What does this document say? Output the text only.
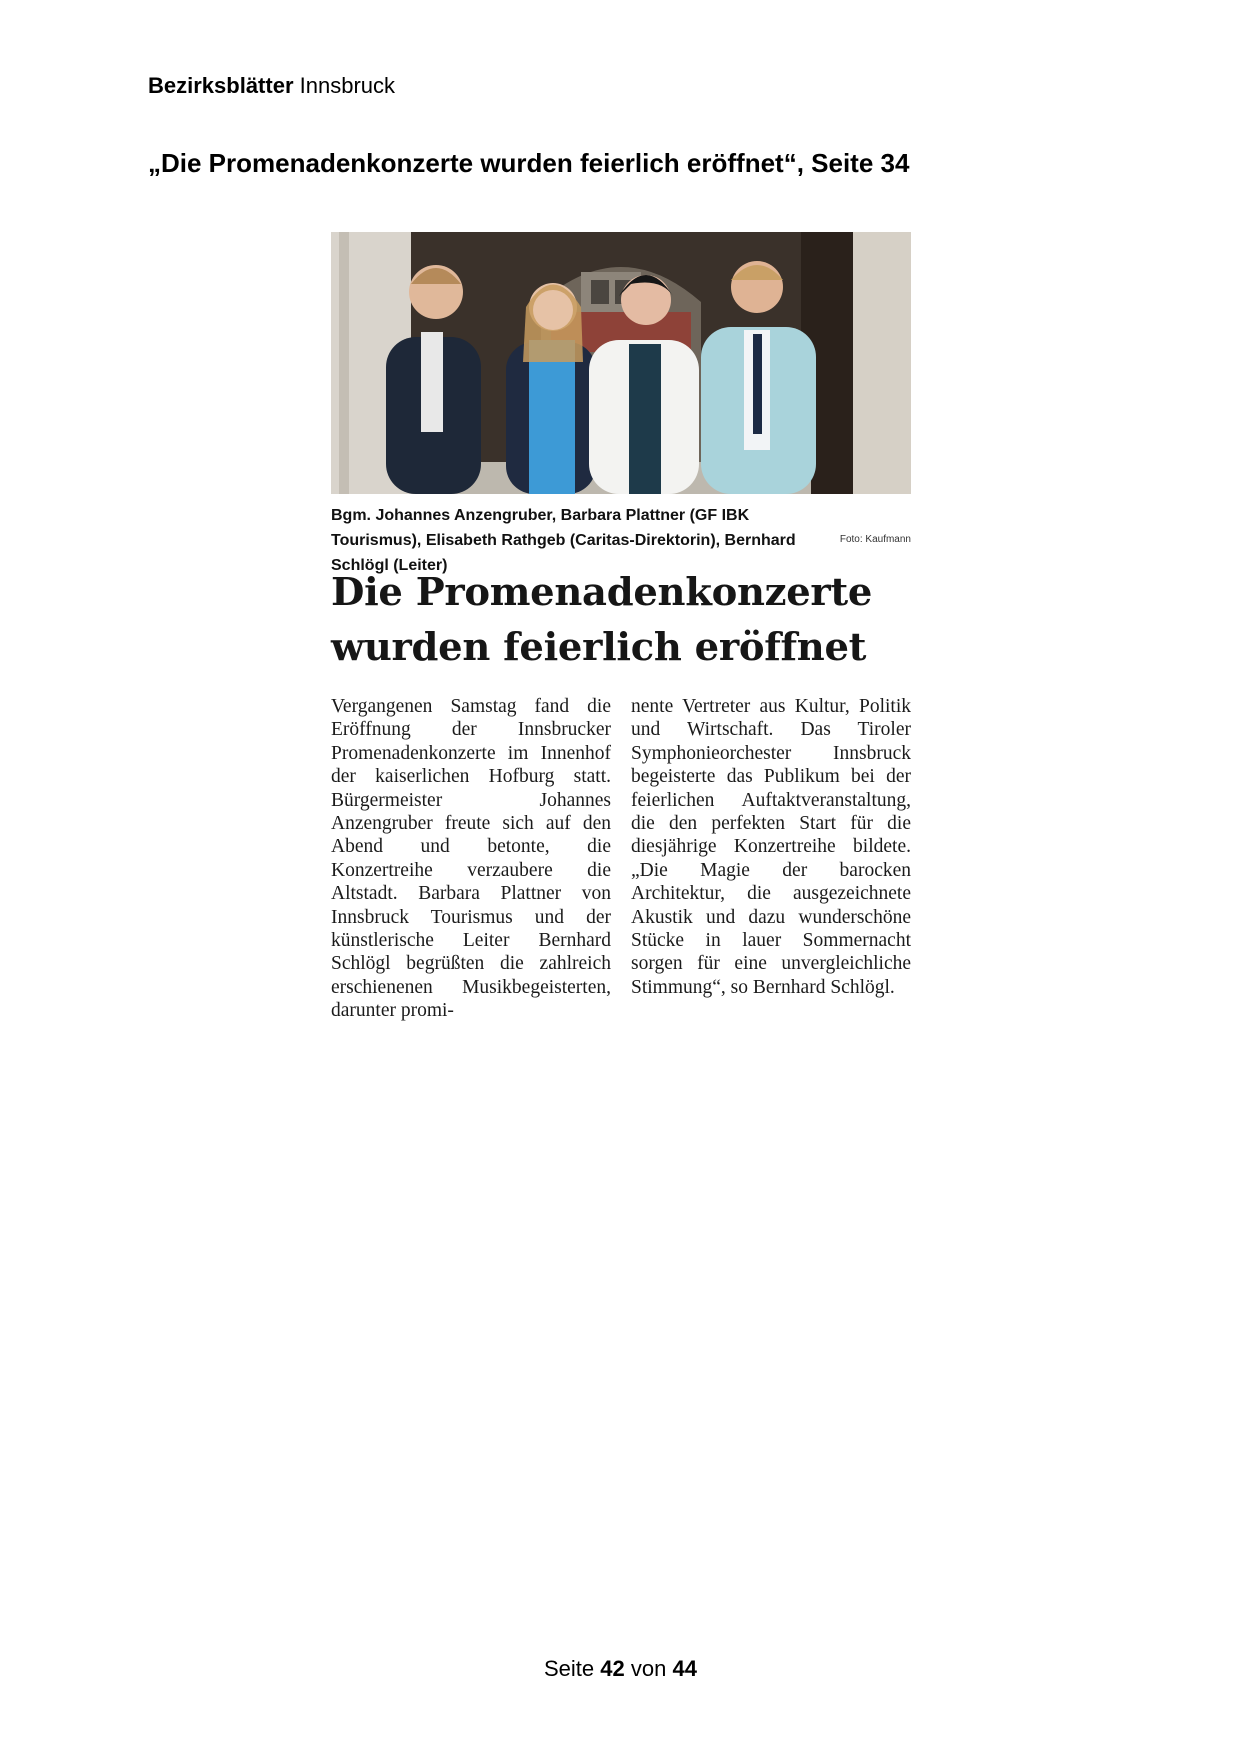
Bezirksblätter Innsbruck
„Die Promenadenkonzerte wurden feierlich eröffnet“, Seite 34
Bgm. Johannes Anzengruber, Barbara Plattner (GF IBK Tourismus), Elisabeth Rathgeb (Caritas-Direktorin), Bernhard Schlögl (Leiter)
Foto: Kaufmann
Die Promenadenkonzerte
wurden feierlich eröffnet
Vergangenen Samstag fand die Eröffnung der Innsbrucker Promenadenkonzerte im Innenhof der kaiserlichen Hofburg statt. Bürgermeister Johannes Anzengruber freute sich auf den Abend und betonte, die Konzertreihe verzaubere die Altstadt. Barbara Plattner von Innsbruck Tourismus und der künstlerische Leiter Bernhard Schlögl begrüßten die zahlreich erschienenen Musikbegeisterten, darunter promi-
nente Vertreter aus Kultur, Politik und Wirtschaft. Das Tiroler Symphonieorchester Innsbruck begeisterte das Publikum bei der feierlichen Auftaktveranstaltung, die den perfekten Start für die diesjährige Konzertreihe bildete. „Die Magie der barocken Architektur, die ausgezeichnete Akustik und dazu wunderschöne Stücke in lauer Sommernacht sorgen für eine unvergleichliche Stimmung“, so Bernhard Schlögl.
Seite 42 von 44
